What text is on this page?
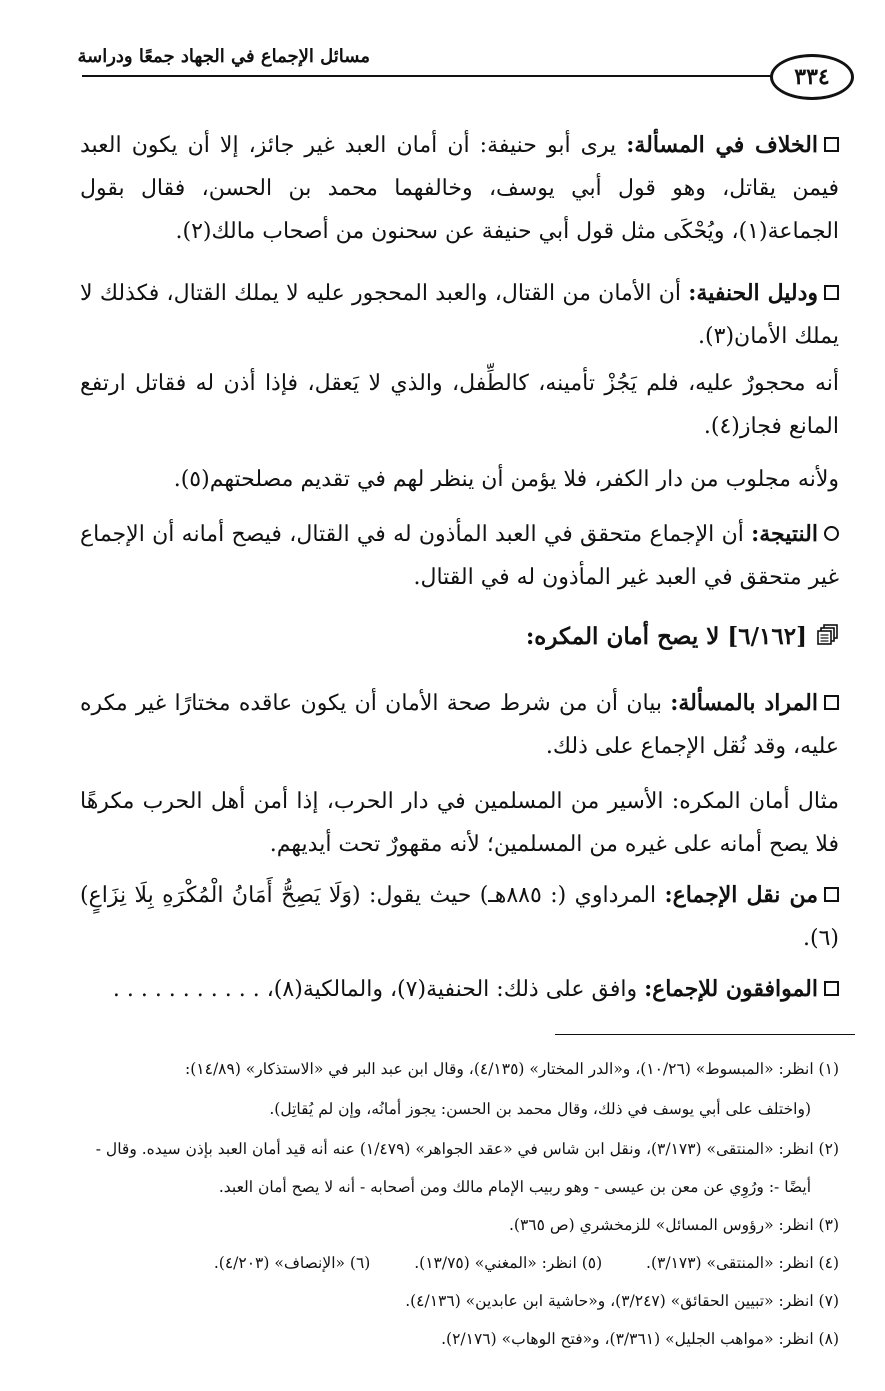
مسائل الإجماع في الجهاد جمعًا ودراسة
٣٣٤
الخلاف في المسألة: يرى أبو حنيفة: أن أمان العبد غير جائز، إلا أن يكون العبد فيمن يقاتل، وهو قول أبي يوسف، وخالفهما محمد بن الحسن، فقال بقول الجماعة(١)، ويُحْكَى مثل قول أبي حنيفة عن سحنون من أصحاب مالك(٢).
ودليل الحنفية: أن الأمان من القتال، والعبد المحجور عليه لا يملك القتال، فكذلك لا يملك الأمان(٣).
أنه محجورٌ عليه، فلم يَجُزْ تأمينه، كالطِّفل، والذي لا يَعقل، فإذا أذن له فقاتل ارتفع المانع فجاز(٤).
ولأنه مجلوب من دار الكفر، فلا يؤمن أن ينظر لهم في تقديم مصلحتهم(٥).
النتيجة: أن الإجماع متحقق في العبد المأذون له في القتال، فيصح أمانه أن الإجماع غير متحقق في العبد غير المأذون له في القتال.
[٦/١٦٢] لا يصح أمان المكره:
المراد بالمسألة: بيان أن من شرط صحة الأمان أن يكون عاقده مختارًا غير مكره عليه، وقد نُقل الإجماع على ذلك.
مثال أمان المكره: الأسير من المسلمين في دار الحرب، إذا أمن أهل الحرب مكرهًا فلا يصح أمانه على غيره من المسلمين؛ لأنه مقهورٌ تحت أيديهم.
من نقل الإجماع: المرداوي (: ٨٨٥هـ) حيث يقول: (وَلَا يَصِحُّ أَمَانُ الْمُكْرَهِ بِلَا نِزَاعٍ)(٦).
الموافقون للإجماع: وافق على ذلك: الحنفية(٧)، والمالكية(٨)، . . . . . . . . . . .
(١) انظر: «المبسوط» (١٠/٢٦)، و«الدر المختار» (٤/١٣٥)، وقال ابن عبد البر في «الاستذكار» (١٤/٨٩):
(واختلف على أبي يوسف في ذلك، وقال محمد بن الحسن: يجوز أمانُه، وإن لم يُقاتِل).
(٢) انظر: «المنتقى» (٣/١٧٣)، ونقل ابن شاس في «عقد الجواهر» (١/٤٧٩) عنه أنه قيد أمان العبد بإذن سيده. وقال -
أيضًا -: ورُوِي عن معن بن عيسى - وهو ربيب الإمام مالك ومن أصحابه - أنه لا يصح أمان العبد.
(٣) انظر: «رؤوس المسائل» للزمخشري (ص ٣٦٥).
(٤) انظر: «المنتقى» (٣/١٧٣).  (٥) انظر: «المغني» (١٣/٧٥).  (٦) «الإنصاف» (٤/٢٠٣).
(٧) انظر: «تبيين الحقائق» (٣/٢٤٧)، و«حاشية ابن عابدين» (٤/١٣٦).
(٨) انظر: «مواهب الجليل» (٣/٣٦١)، و«فتح الوهاب» (٢/١٧٦).
